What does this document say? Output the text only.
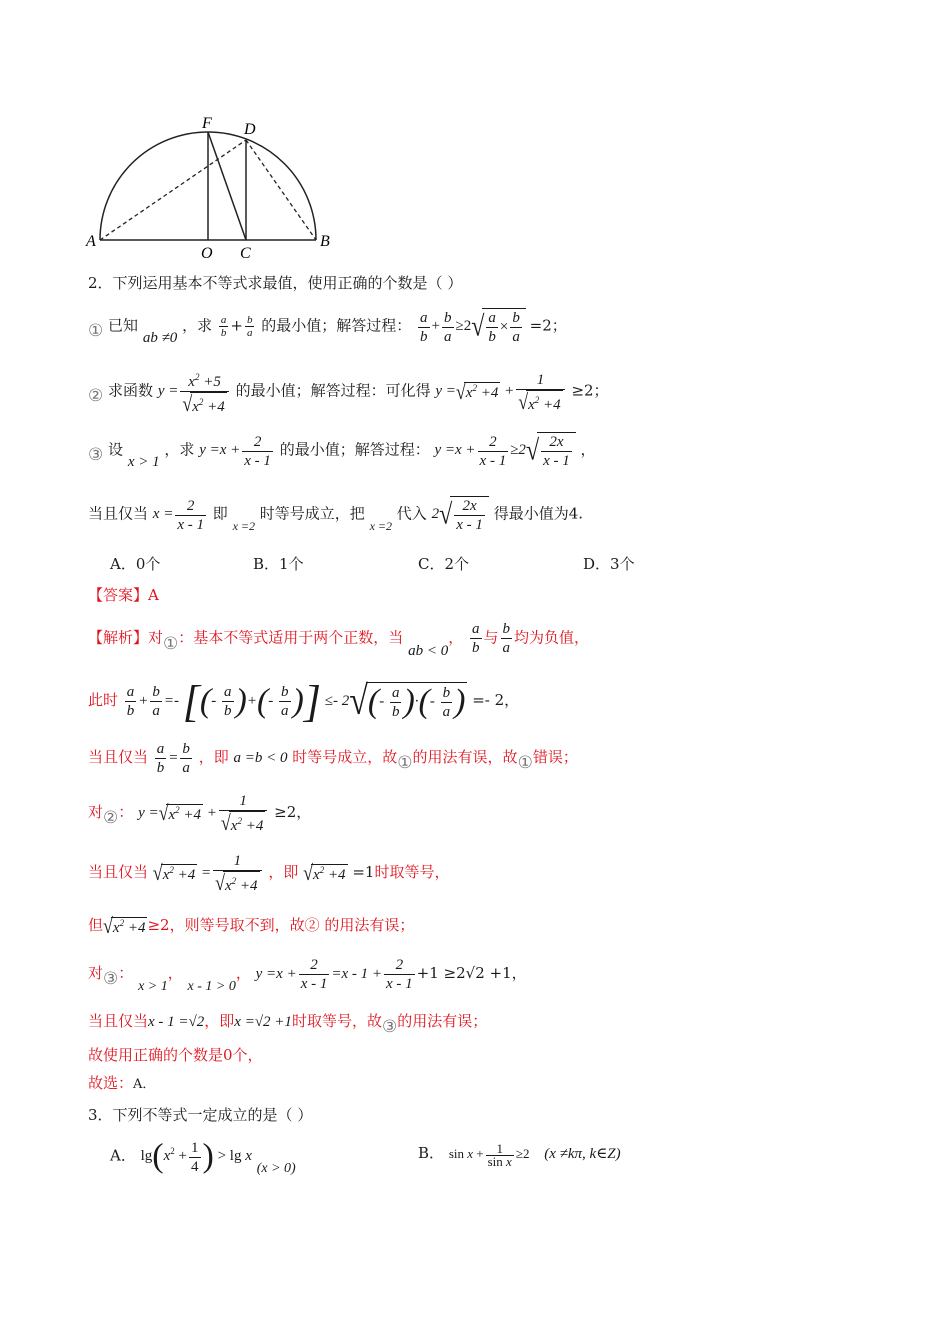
F D
A
O C
B
2．下列运用基本不等式求最值，使用正确的个数是（ ）
① 已知 ab ≠0 ，求 $\frac{a}{b} + \frac{b}{a}$ 的最小值；解答过程： $\frac{a}{b} + \frac{b}{a} \ge 2√ \frac{a}{b} \times \frac{b}{a} =2$；
② 求函数 $y = \frac{x^2 +5}{√x^2 +4}$ 的最小值；解答过程：可化得 $y =√x^2 +4 + \frac{1}{√x^2 +4} \ge 2$；
③ 设 x > 1 ，求 $y =x + \frac{2}{x - 1}$ 的最小值；解答过程： $y =x + \frac{2}{x - 1} \ge 2√ \frac{2x}{x - 1}$ ，
当且仅当 $x = \frac{2}{x - 1}$ 即 x =2 时等号成立，把 x =2 代入 $2√ \frac{2x}{x - 1}$ 得最小值为4.
A．0个	B．1个	C．2个	D．3个
【答案】A
【解析】对①：基本不等式适用于两个正数，当 ab < 0， $\frac{a}{b}$ 与 $\frac{b}{a}$ 均为负值，
此时 $\frac{a}{b} + \frac{b}{a}$ =- [(- $\frac{a}{b}$ )+(- $\frac{b}{a}$ )] ≤- $2√(- \frac{a}{b}$ )·(- $\frac{b}{a}$ ) =- 2，
当且仅当 $\frac{a}{b} = \frac{b}{a}$ ，即 a =b < 0 时等号成立，故①的用法有误，故①错误；
对②： $y =√x^2 +4 + \frac{1}{√x^2 +4} \ge 2$，
当且仅当 $√x^2 +4 = \frac{1}{√x^2 +4}$ ，即 $√x^2 +4 =1$时取等号，
但$√x^2 +4 \ge 2$，则等号取不到，故② 的用法有误；
对③： x > 1， x - 1 > 0， $y =x + \frac{2}{x - 1} =x - 1 + \frac{2}{x - 1} +1 \ge 2√2 +1$，
当且仅当x - 1 =√2，即x =√2 +1时取等号，故③的用法有误；
故使用正确的个数是0个，
故选：A．
3．下列不等式一定成立的是（ ）
A． $\lg(x^2 + \frac{1}{4}$ ) > lg x (x > 0)
B． $\sin x + \frac{1}{\text{sin x}} \ge 2$ (x ≠kπ, k∈Z)
